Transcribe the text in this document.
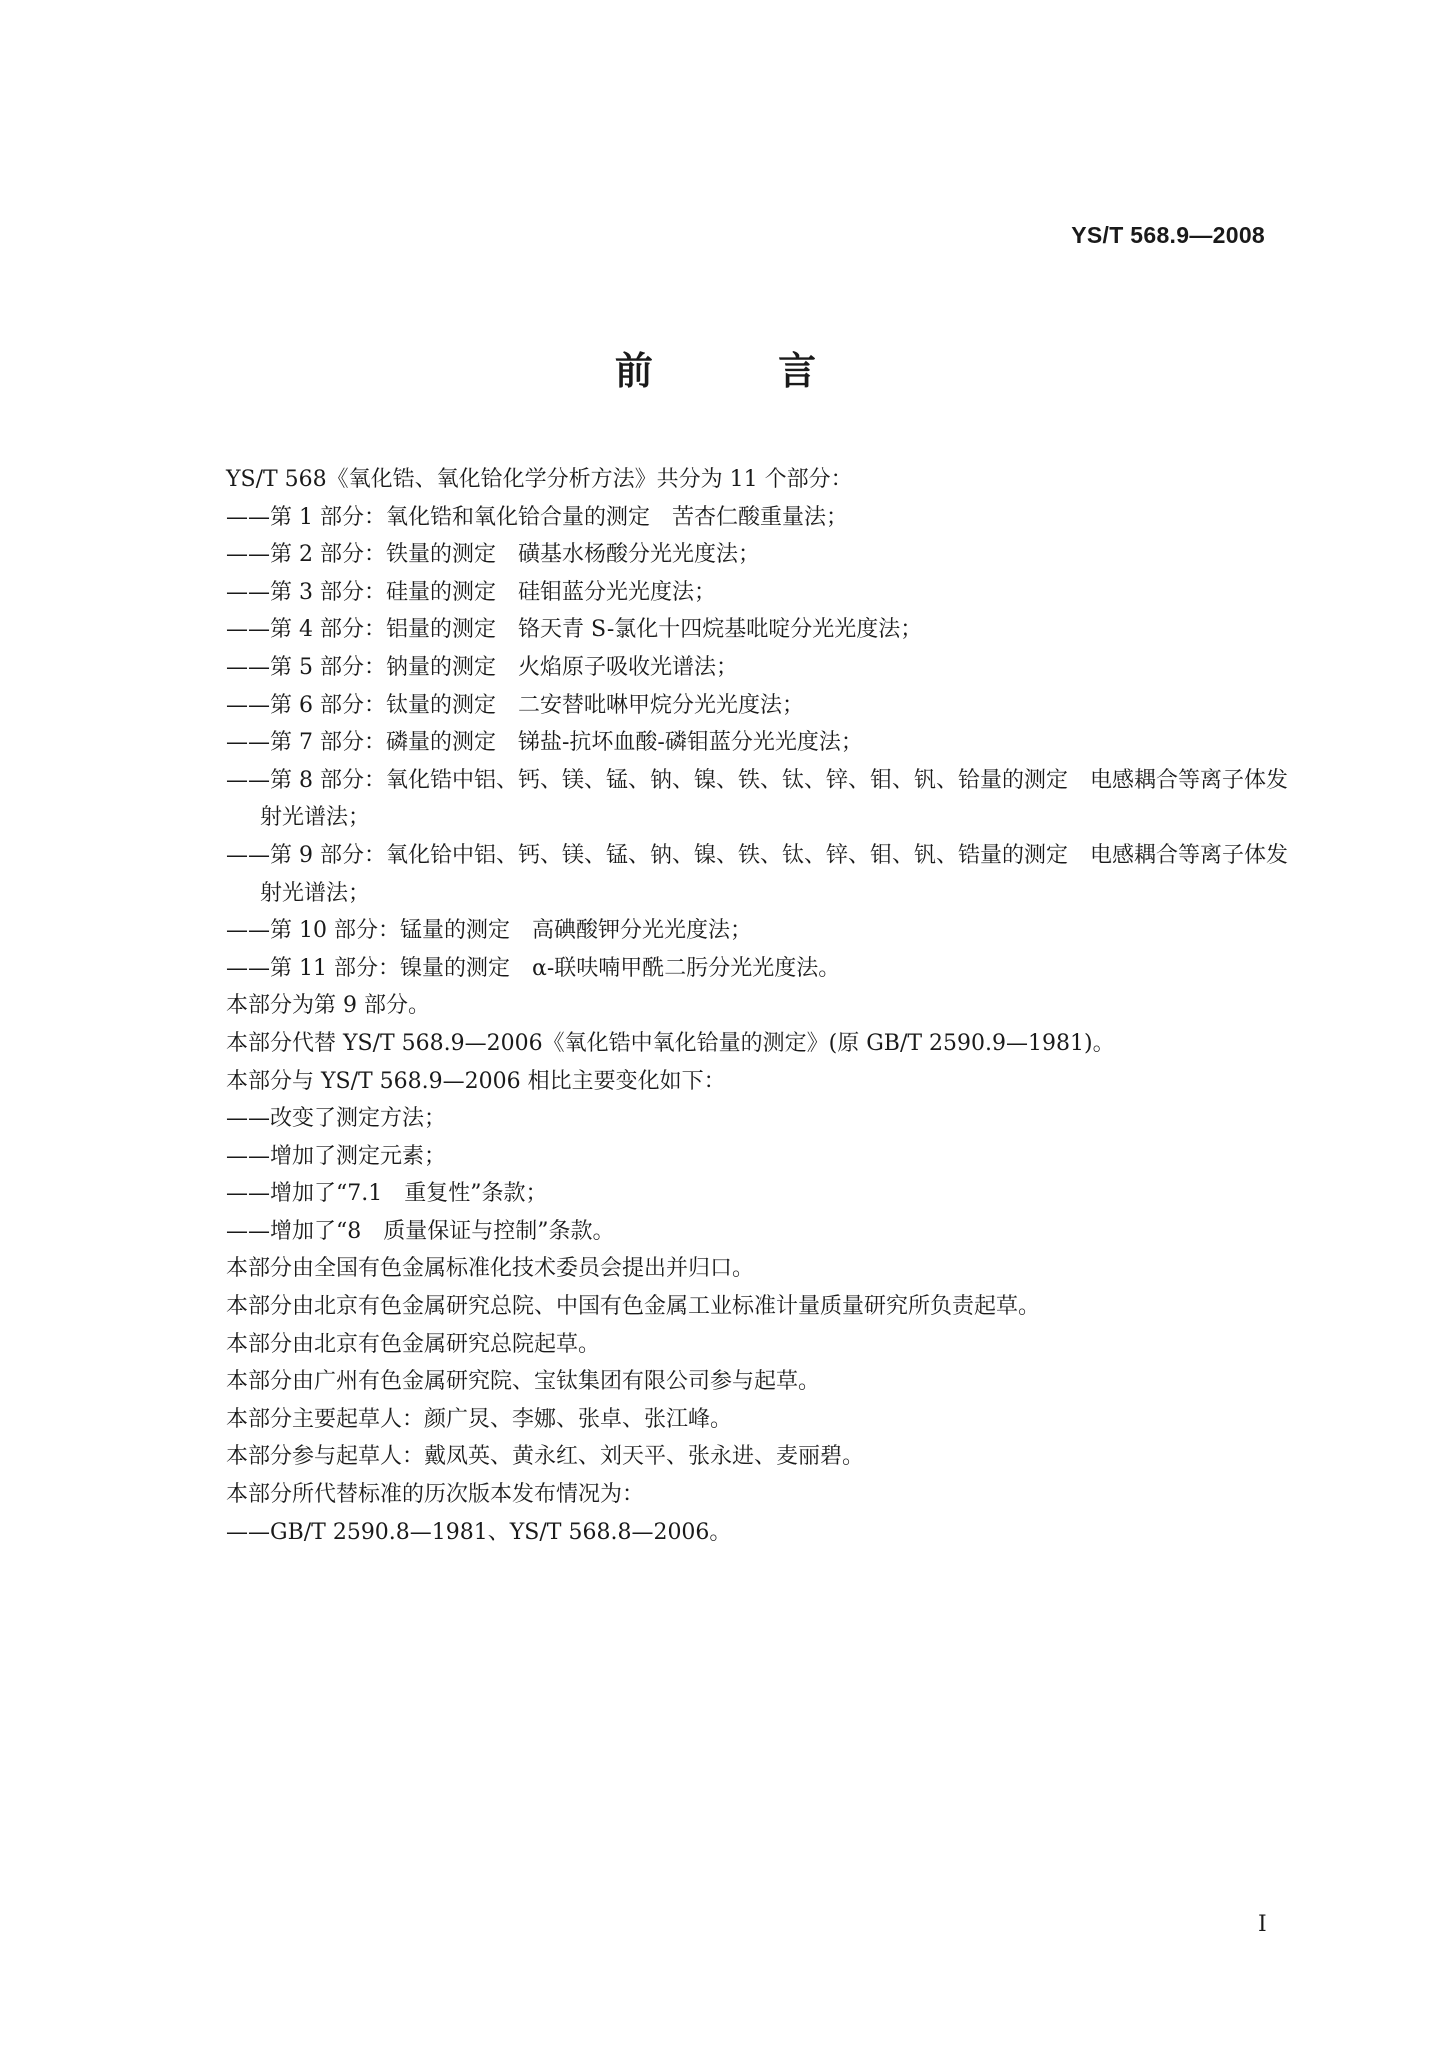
YS/T 568.9—2008
前 言
YS/T 568《氧化锆、氧化铪化学分析方法》共分为 11 个部分：
——第 1 部分：氧化锆和氧化铪合量的测定　苦杏仁酸重量法；
——第 2 部分：铁量的测定　磺基水杨酸分光光度法；
——第 3 部分：硅量的测定　硅钼蓝分光光度法；
——第 4 部分：铝量的测定　铬天青 S-氯化十四烷基吡啶分光光度法；
——第 5 部分：钠量的测定　火焰原子吸收光谱法；
——第 6 部分：钛量的测定　二安替吡啉甲烷分光光度法；
——第 7 部分：磷量的测定　锑盐-抗坏血酸-磷钼蓝分光光度法；
——第 8 部分：氧化锆中铝、钙、镁、锰、钠、镍、铁、钛、锌、钼、钒、铪量的测定　电感耦合等离子体发
射光谱法；
——第 9 部分：氧化铪中铝、钙、镁、锰、钠、镍、铁、钛、锌、钼、钒、锆量的测定　电感耦合等离子体发
射光谱法；
——第 10 部分：锰量的测定　高碘酸钾分光光度法；
——第 11 部分：镍量的测定　α-联呋喃甲酰二肟分光光度法。
本部分为第 9 部分。
本部分代替 YS/T 568.9—2006《氧化锆中氧化铪量的测定》(原 GB/T 2590.9—1981)。
本部分与 YS/T 568.9—2006 相比主要变化如下：
——改变了测定方法；
——增加了测定元素；
——增加了“7.1　重复性”条款；
——增加了“8　质量保证与控制”条款。
本部分由全国有色金属标准化技术委员会提出并归口。
本部分由北京有色金属研究总院、中国有色金属工业标准计量质量研究所负责起草。
本部分由北京有色金属研究总院起草。
本部分由广州有色金属研究院、宝钛集团有限公司参与起草。
本部分主要起草人：颜广炅、李娜、张卓、张江峰。
本部分参与起草人：戴凤英、黄永红、刘天平、张永进、麦丽碧。
本部分所代替标准的历次版本发布情况为：
——GB/T 2590.8—1981、YS/T 568.8—2006。
I
